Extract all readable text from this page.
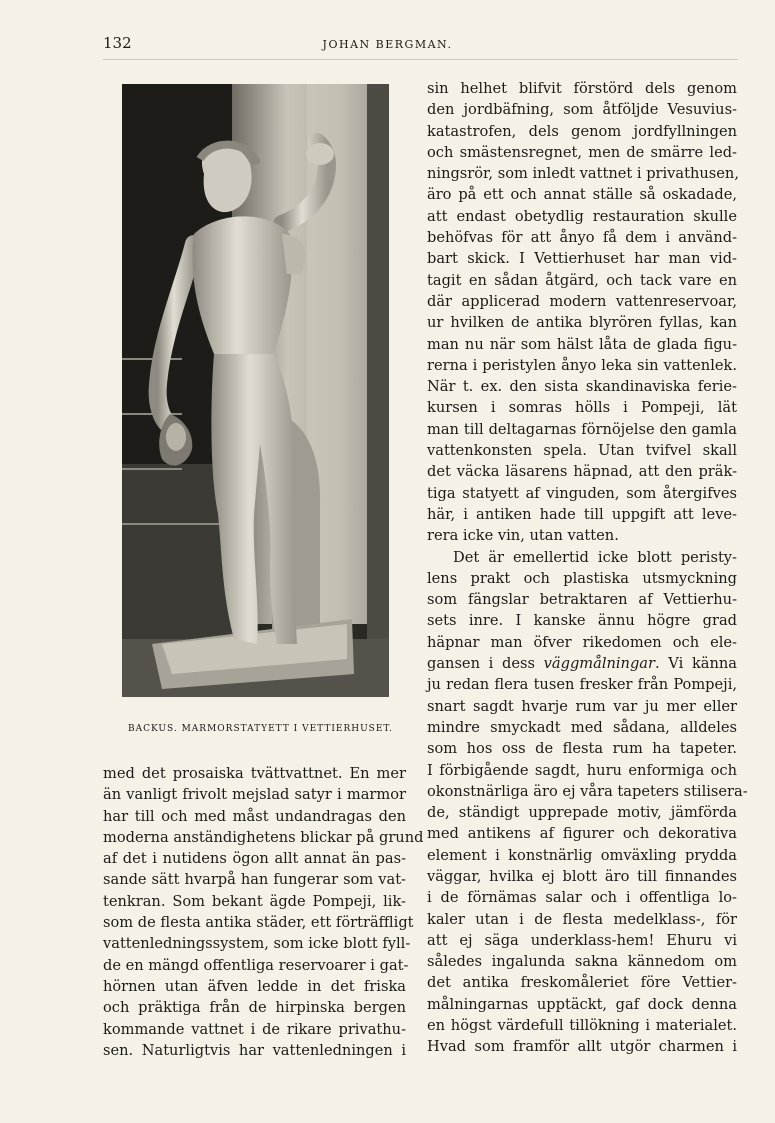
132	JOHAN BERGMAN.
BACKUS. MARMORSTATYETT I VETTIERHUSET.
sin helhet blifvit förstörd dels genom
den jordbäfning, som åtföljde Vesuvius-
katastrofen, dels genom jordfyllningen
och smästensregnet, men de smärre led-
ningsrör, som inledt vattnet i privathusen,
äro på ett och annat ställe så oskadade,
att endast obetydlig restauration skulle
behöfvas för att ånyo få dem i använd-
bart skick. I Vettierhuset har man vid-
tagit en sådan åtgärd, och tack vare en
där applicerad modern vattenreservoar,
ur hvilken de antika blyrören fyllas, kan
man nu när som hälst låta de glada figu-
rerna i peristylen ånyo leka sin vattenlek.
När t. ex. den sista skandinaviska ferie-
kursen i somras hölls i Pompeji, lät
man till deltagarnas förnöjelse den gamla
vattenkonsten spela. Utan tvifvel skall
det väcka läsarens häpnad, att den präk-
tiga statyett af vinguden, som återgifves
här, i antiken hade till uppgift att leve-
rera icke vin, utan vatten.
Det är emellertid icke blott peristy-
lens prakt och plastiska utsmyckning
som fängslar betraktaren af Vettierhu-
sets inre. I kanske ännu högre grad
häpnar man öfver rikedomen och ele-
gansen i dess väggmålningar. Vi känna
ju redan flera tusen fresker från Pompeji,
snart sagdt hvarje rum var ju mer eller
mindre smyckadt med sådana, alldeles
som hos oss de flesta rum ha tapeter.
I förbigående sagdt, huru enformiga och
okonstnärliga äro ej våra tapeters stilisera-
de, ständigt upprepade motiv, jämförda
med antikens af figurer och dekorativa
element i konstnärlig omväxling prydda
väggar, hvilka ej blott äro till finnandes
i de förnämas salar och i offentliga lo-
kaler utan i de flesta medelklass-, för
att ej säga underklass-hem! Ehuru vi
således ingalunda sakna kännedom om
det antika freskomåleriet före Vettier-
målningarnas upptäckt, gaf dock denna
en högst värdefull tillökning i materialet.
Hvad som framför allt utgör charmen i
med det prosaiska tvättvattnet. En mer
än vanligt frivolt mejslad satyr i marmor
har till och med måst undandragas den
moderna anständighetens blickar på grund
af det i nutidens ögon allt annat än pas-
sande sätt hvarpå han fungerar som vat-
tenkran. Som bekant ägde Pompeji, lik-
som de flesta antika städer, ett förträffligt
vattenledningssystem, som icke blott fyll-
de en mängd offentliga reservoarer i gat-
hörnen utan äfven ledde in det friska
och präktiga från de hirpinska bergen
kommande vattnet i de rikare privathu-
sen. Naturligtvis har vattenledningen i
